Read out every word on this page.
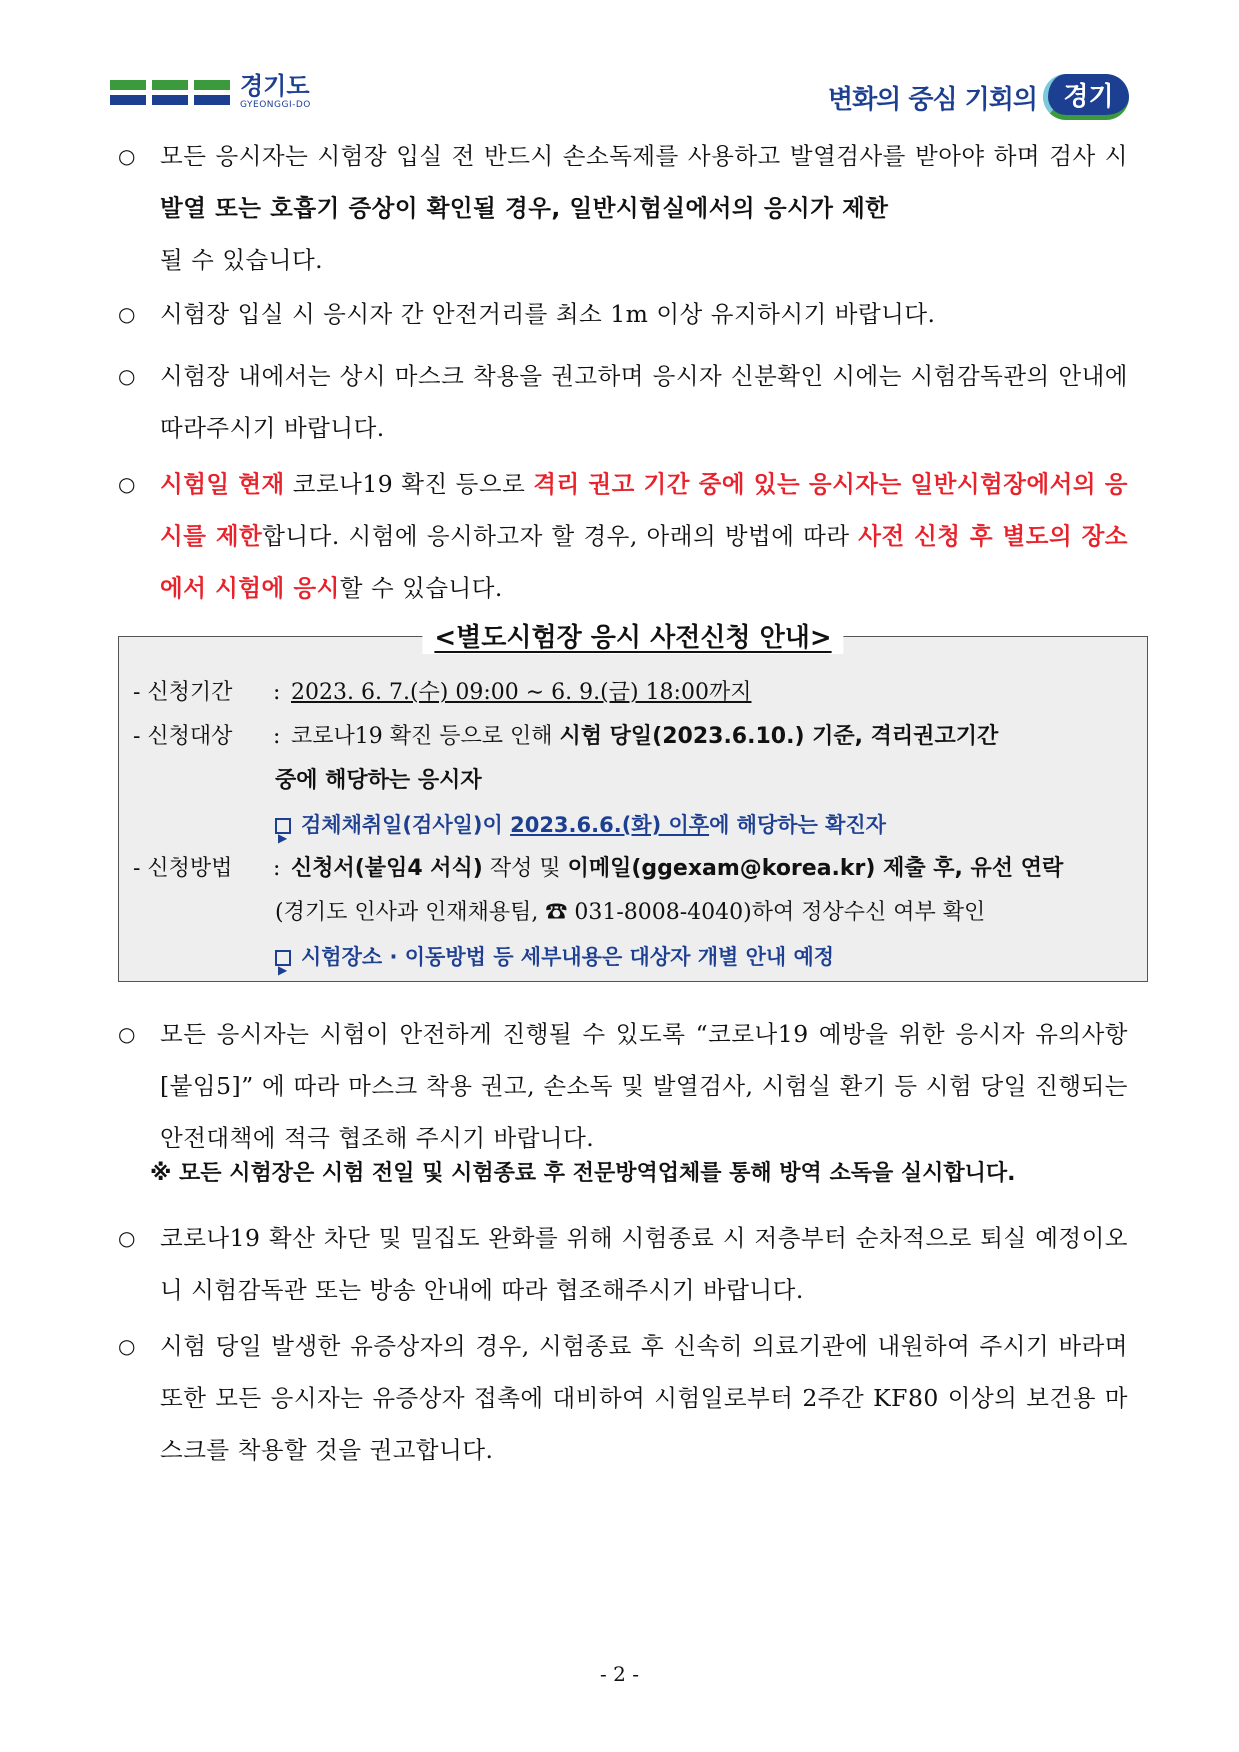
경기도
GYEONGGI-DO	변화의 중심 기회의	경기
○	모든 응시자는 시험장 입실 전 반드시 손소독제를 사용하고 발열검사를 받아야 하며 검사 시 발열 또는 호흡기 증상이 확인될 경우, 일반시험실에서의 응시가 제한
될 수 있습니다.
○	시험장 입실 시 응시자 간 안전거리를 최소 1m 이상 유지하시기 바랍니다.
○	시험장 내에서는 상시 마스크 착용을 권고하며 응시자 신분확인 시에는 시험감독관의 안내에 따라주시기 바랍니다.
○	시험일 현재 코로나19 확진 등으로 격리 권고 기간 중에 있는 응시자는 일반시험장에서의 응시를 제한합니다. 시험에 응시하고자 할 경우, 아래의 방법에 따라 사전 신청 후 별도의 장소에서 시험에 응시할 수 있습니다.
<별도시험장 응시 사전신청 안내>
- 신청기간 : 2023. 6. 7.(수) 09:00 ∼ 6. 9.(금) 18:00까지
- 신청대상 : 코로나19 확진 등으로 인해 시험 당일(2023.6.10.) 기준, 격리권고기간
중에 해당하는 응시자
▶검체채취일(검사일)이 2023.6.6.(화) 이후에 해당하는 확진자
- 신청방법 : 신청서(붙임4 서식) 작성 및 이메일(ggexam@korea.kr) 제출 후, 유선 연락
(경기도 인사과 인재채용팀, ☎ 031-8008-4040)하여 정상수신 여부 확인
▶시험장소 · 이동방법 등 세부내용은 대상자 개별 안내 예정
○	모든 응시자는 시험이 안전하게 진행될 수 있도록 “코로나19 예방을 위한 응시자 유의사항[붙임5]” 에 따라 마스크 착용 권고, 손소독 및 발열검사, 시험실 환기 등 시험 당일 진행되는 안전대책에 적극 협조해 주시기 바랍니다.
※ 모든 시험장은 시험 전일 및 시험종료 후 전문방역업체를 통해 방역 소독을 실시합니다.
○	코로나19 확산 차단 및 밀집도 완화를 위해 시험종료 시 저층부터 순차적으로 퇴실 예정이오니 시험감독관 또는 방송 안내에 따라 협조해주시기 바랍니다.
○	시험 당일 발생한 유증상자의 경우, 시험종료 후 신속히 의료기관에 내원하여 주시기 바라며 또한 모든 응시자는 유증상자 접촉에 대비하여 시험일로부터 2주간 KF80 이상의 보건용 마스크를 착용할 것을 권고합니다.
- 2 -
